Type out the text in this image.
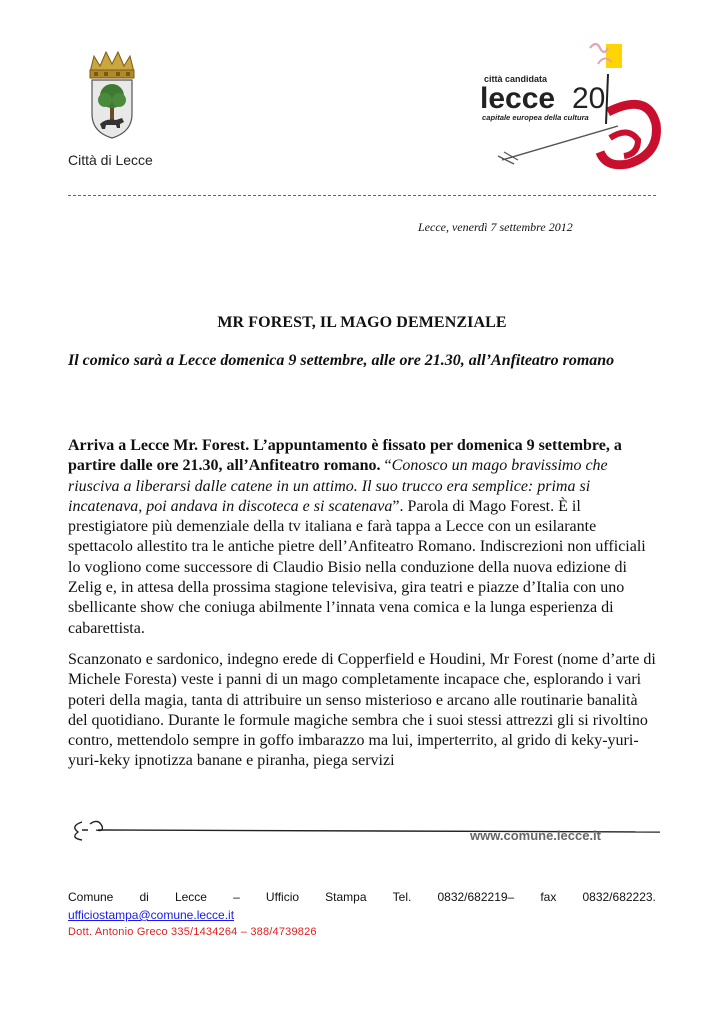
Città di Lecce
città candidata
lecce 20
capitale europea della cultura
Lecce, venerdì 7 settembre 2012
MR FOREST, IL MAGO DEMENZIALE
Il comico sarà a Lecce domenica 9 settembre, alle ore 21.30, all’Anfiteatro romano
Arriva a Lecce Mr. Forest. L’appuntamento è fissato per domenica 9 settembre, a partire dalle ore 21.30, all’Anfiteatro romano. “Conosco un mago bravissimo che riusciva a liberarsi dalle catene in un attimo. Il suo trucco era semplice: prima si incatenava, poi andava in discoteca e si scatenava”. Parola di Mago Forest. È il prestigiatore più demenziale della tv italiana e farà tappa a Lecce con un esilarante spettacolo allestito tra le antiche pietre dell’Anfiteatro Romano. Indiscrezioni non ufficiali lo vogliono come successore di Claudio Bisio nella conduzione della nuova edizione di Zelig e, in attesa della prossima stagione televisiva, gira teatri e piazze d’Italia con uno sbellicante show che coniuga abilmente l’innata vena comica e la lunga esperienza di cabarettista.
Scanzonato e sardonico, indegno erede di Copperfield e Houdini, Mr Forest (nome d’arte di Michele Foresta) veste i panni di un mago completamente incapace che, esplorando i vari poteri della magia, tanta di attribuire un senso misterioso e arcano alle routinarie banalità del quotidiano. Durante le formule magiche sembra che i suoi stessi attrezzi gli si rivoltino contro, mettendolo sempre in goffo imbarazzo ma lui, imperterrito, al grido di keky-yuri-yuri-keky ipnotizza banane e piranha, piega servizi
www.comune.lecce.it
Comune di Lecce – Ufficio Stampa Tel. 0832/682219– fax 0832/682223.
ufficiostampa@comune.lecce.it
Dott. Antonio Greco 335/1434264 – 388/4739826
